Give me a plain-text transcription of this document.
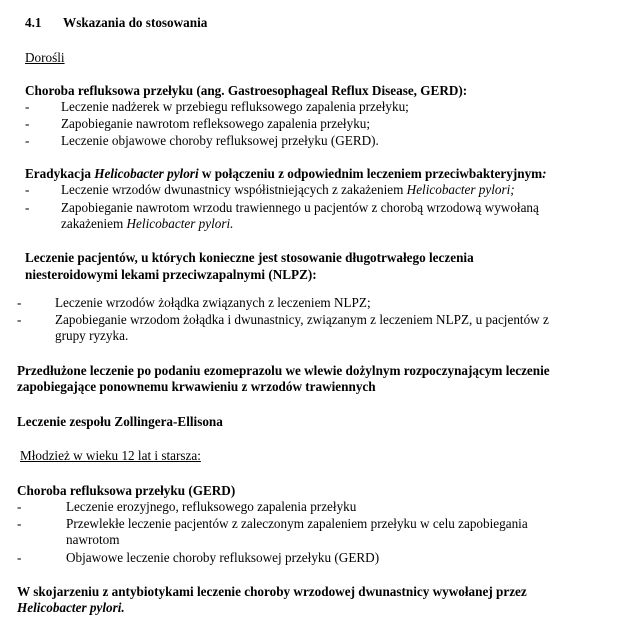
4.1 Wskazania do stosowania
Dorośli
Choroba refluksowa przełyku (ang. Gastroesophageal Reflux Disease, GERD):
- Leczenie nadżerek w przebiegu refluksowego zapalenia przełyku;
- Zapobieganie nawrotom refleksowego zapalenia przełyku;
- Leczenie objawowe choroby refluksowej przełyku (GERD).
Eradykacja Helicobacter pylori w połączeniu z odpowiednim leczeniem przeciwbakteryjnym:
- Leczenie wrzodów dwunastnicy współistniejących z zakażeniem Helicobacter pylori;
- Zapobieganie nawrotom wrzodu trawiennego u pacjentów z chorobą wrzodową wywołaną
zakażeniem Helicobacter pylori.
Leczenie pacjentów, u których konieczne jest stosowanie długotrwałego leczenia
niesteroidowymi lekami przeciwzapalnymi (NLPZ):
-	Leczenie wrzodów żołądka związanych z leczeniem NLPZ;
-	Zapobieganie wrzodom żołądka i dwunastnicy, związanym z leczeniem NLPZ, u pacjentów z
grupy ryzyka.
Przedłużone leczenie po podaniu ezomeprazolu we wlewie dożylnym rozpoczynającym leczenie
zapobiegające ponownemu krwawieniu z wrzodów trawiennych
Leczenie zespołu Zollingera-Ellisona
Młodzież w wieku 12 lat i starsza:
Choroba refluksowa przełyku (GERD)
-	Leczenie erozyjnego, refluksowego zapalenia przełyku
-	Przewlekłe leczenie pacjentów z zaleczonym zapaleniem przełyku w celu zapobiegania
nawrotom
-	Objawowe leczenie choroby refluksowej przełyku (GERD)
W skojarzeniu z antybiotykami leczenie choroby wrzodowej dwunastnicy wywołanej przez
Helicobacter pylori.
